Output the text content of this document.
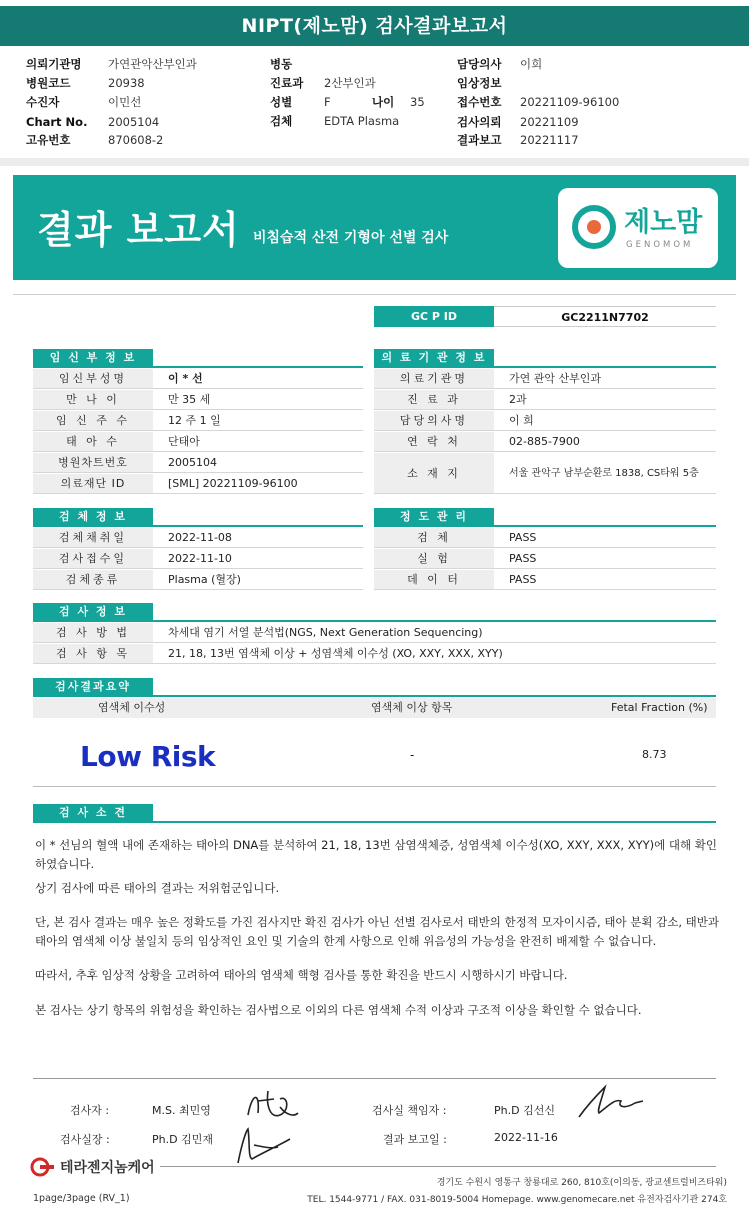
NIPT(제노맘) 검사결과보고서
의뢰기관명 가연관악산부인과
병원코드	20938
수진자	이민선
Chart No. 2005104
고유번호	870608-2
병동
진료과 2산부인과
성별	F	나이 35
검체	EDTA Plasma
담당의사 이희
임상정보
접수번호 20221109-96100
검사의뢰 20221109
결과보고 20221117
결과 보고서 비침습적 산전 기형아 선별 검사	제노맘
GENOMOM
GC P ID	GC2211N7702
임 신 부 정 보
임신부성명	이 * 선
만 나 이	만 35 세
임 신 주 수	12 주 1 일
태 아 수	단태아
병원차트번호	2005104
의료재단 ID	[SML] 20221109-96100
의 료 기 관 정 보
의료기관명	가연 관악 산부인과
진 료 과	2과
담당의사명	이 희
연 락 처	02-885-7900
소 재 지	서울 관악구 남부순환로 1838, CS타워 5층
검 체 정 보
검체채취일	2022-11-08
검사접수일	2022-11-10
검체종류	Plasma (혈장)
정 도 관 리
검 체	PASS
실 험	PASS
데 이 터	PASS
검 사 정 보
검 사 방 법	차세대 염기 서열 분석법(NGS, Next Generation Sequencing)
검 사 항 목	21, 18, 13번 염색체 이상 + 성염색체 이수성 (XO, XXY, XXX, XYY)
검사결과요약
염색체 이수성	염색체 이상 항목	Fetal Fraction (%)
Low Risk	-	8.73
검 사 소 견
이 * 선님의 혈액 내에 존재하는 태아의 DNA를 분석하여 21, 18, 13번 삼염색체증, 성염색체 이수성(XO, XXY, XXX, XYY)에 대해 확인하였습니다.
상기 검사에 따른 태아의 결과는 저위험군입니다.
단, 본 검사 결과는 매우 높은 정확도를 가진 검사지만 확진 검사가 아닌 선별 검사로서 태반의 한정적 모자이시즘, 태아 분획 감소, 태반과 태아의 염색체 이상 불일치 등의 임상적인 요인 및 기술의 한계 사항으로 인해 위음성의 가능성을 완전히 배제할 수 없습니다.
따라서, 추후 임상적 상황을 고려하여 태아의 염색체 핵형 검사를 통한 확진을 반드시 시행하시기 바랍니다.
본 검사는 상기 항목의 위험성을 확인하는 검사법으로 이외의 다른 염색체 수적 이상과 구조적 이상을 확인할 수 없습니다.
검사자 :	M.S. 최민영	검사실 책임자 :	Ph.D 김선신
검사실장 :	Ph.D 김민재	결과 보고일 :	2022-11-16
테라젠지놈케어
경기도 수원시 영통구 창룡대로 260, 810호(이의동, 광교센트럴비즈타워)
TEL. 1544-9771 / FAX. 031-8019-5004 Homepage. www.genomecare.net 유전자검사기관 274호
1page/3page (RV_1)
